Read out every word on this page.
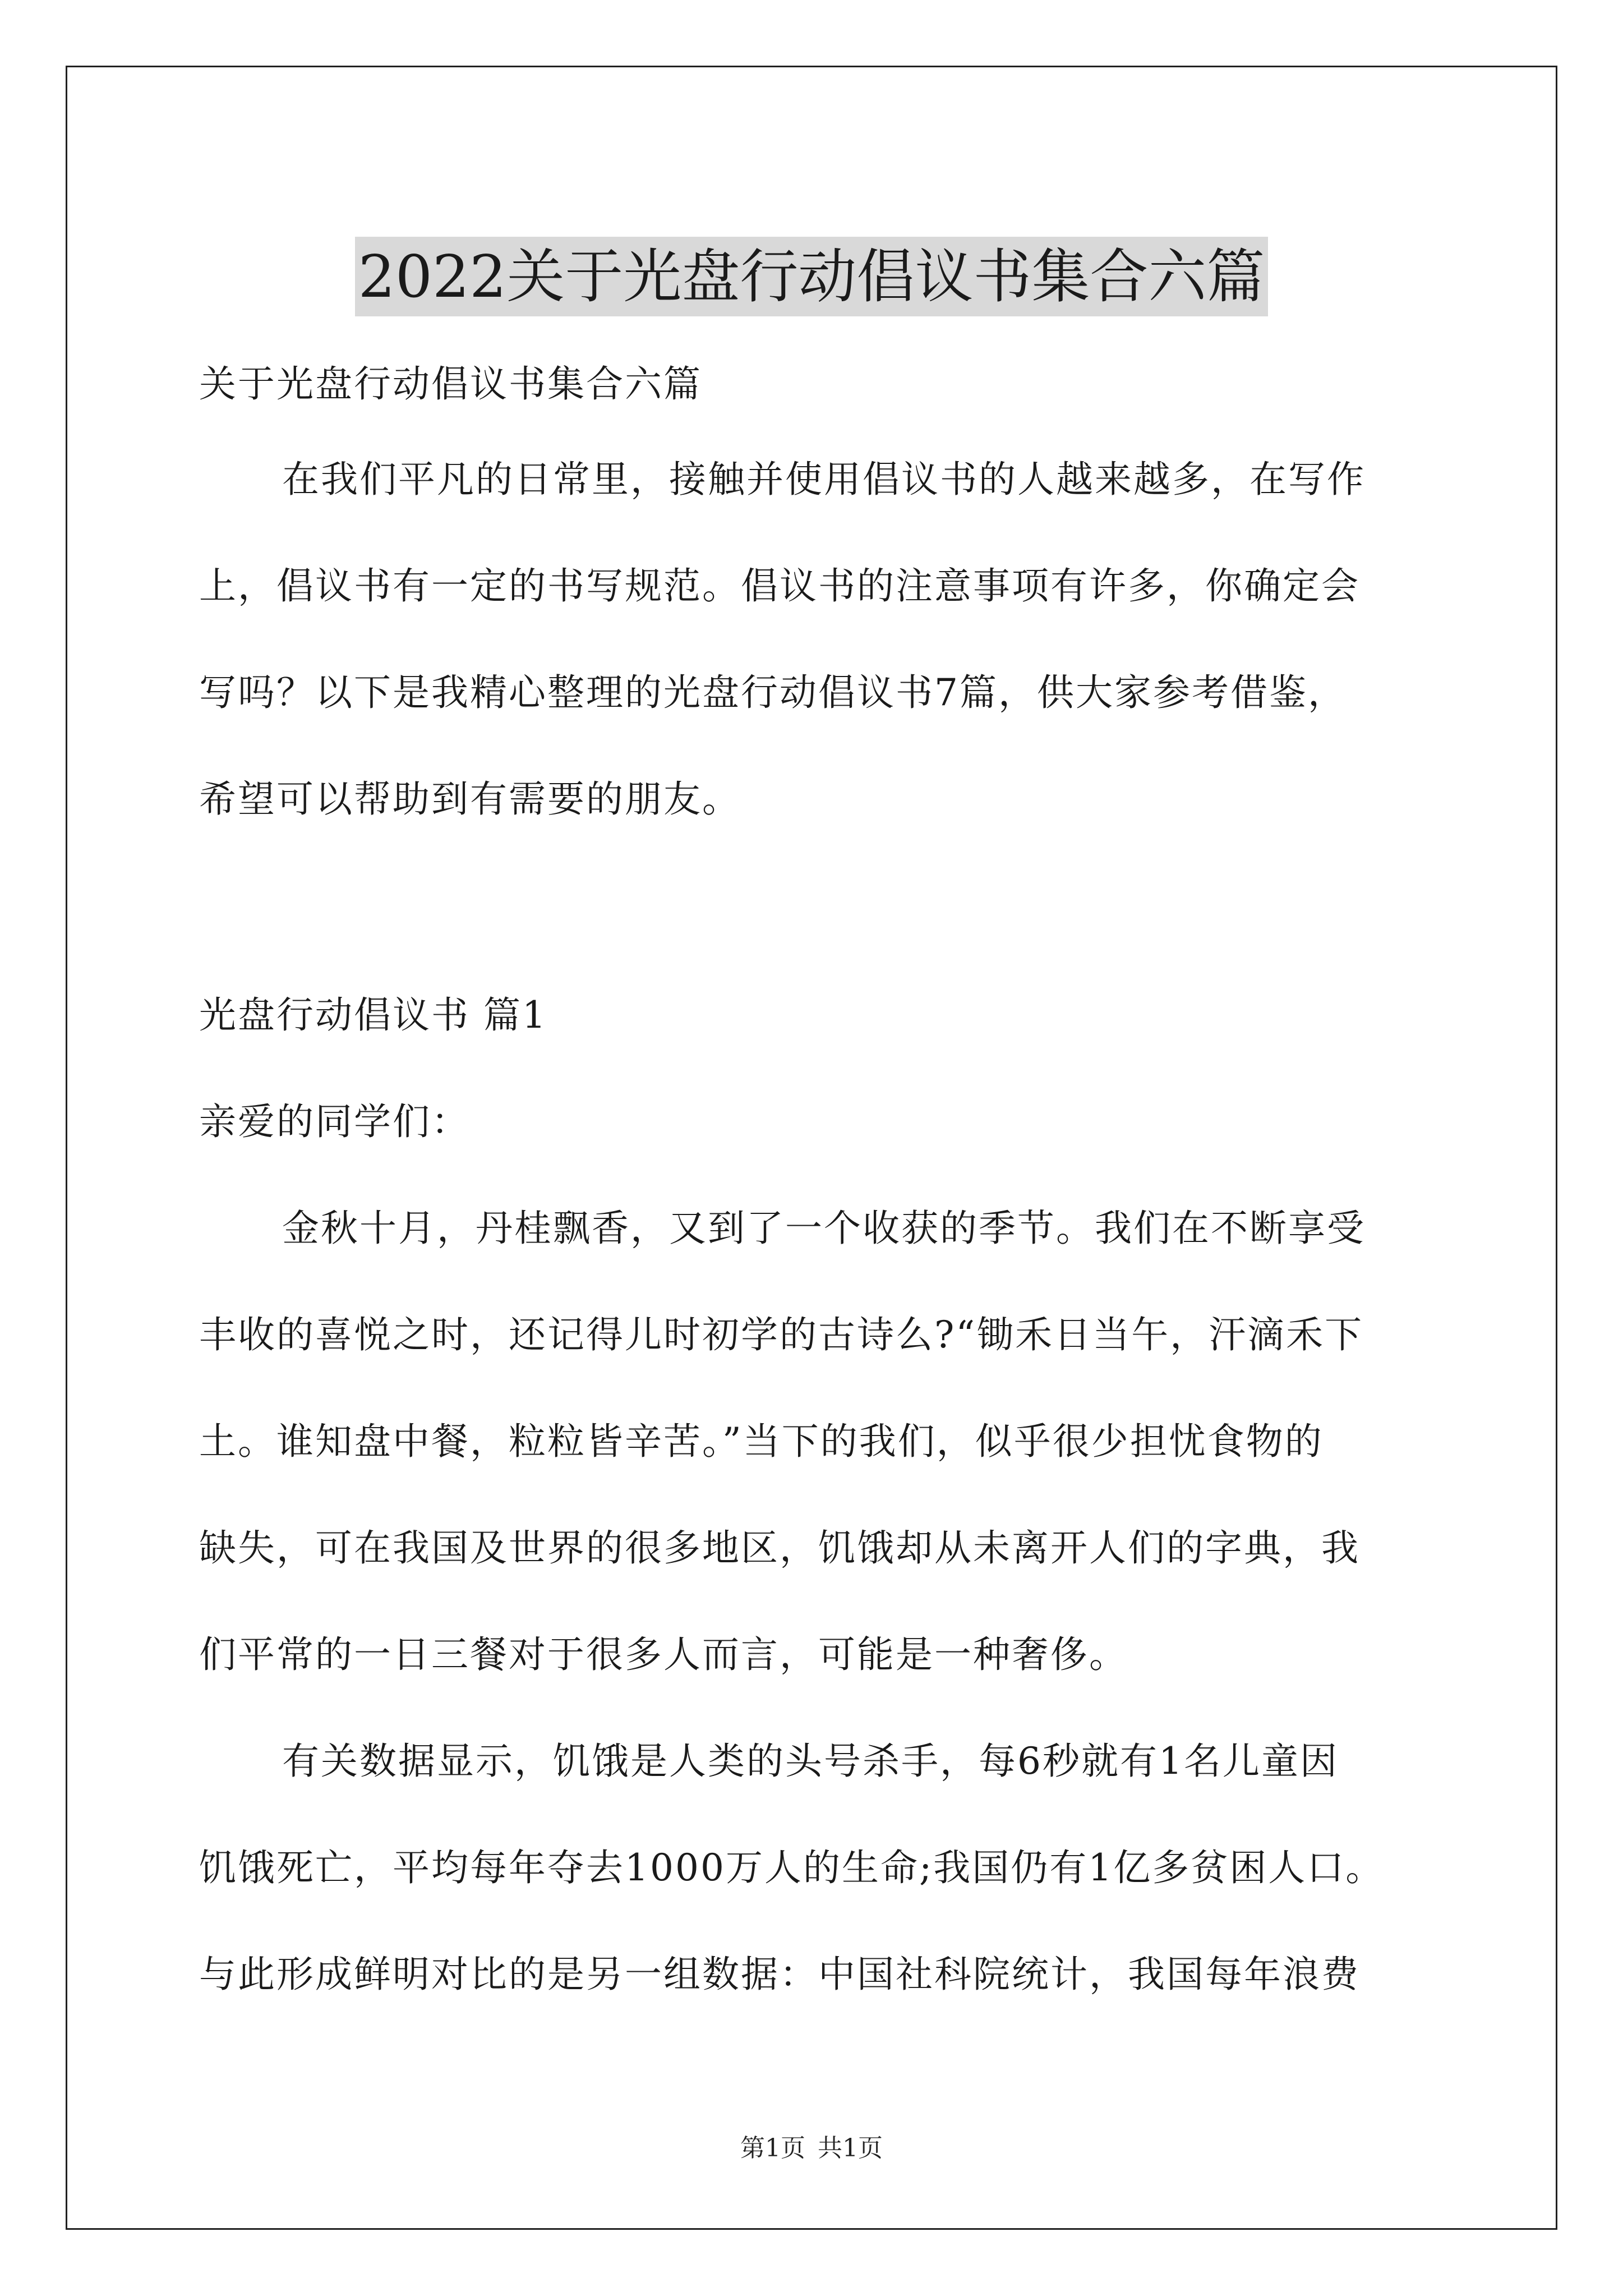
2022关于光盘行动倡议书集合六篇
关于光盘行动倡议书集合六篇
在我们平凡的日常里，接触并使用倡议书的人越来越多，在写作
上，倡议书有一定的书写规范。倡议书的注意事项有许多，你确定会
写吗？以下是我精心整理的光盘行动倡议书7篇，供大家参考借鉴，
希望可以帮助到有需要的朋友。
光盘行动倡议书 篇1
亲爱的同学们：
金秋十月，丹桂飘香，又到了一个收获的季节。我们在不断享受
丰收的喜悦之时，还记得儿时初学的古诗么?“锄禾日当午，汗滴禾下
土。谁知盘中餐，粒粒皆辛苦。”当下的我们，似乎很少担忧食物的
缺失，可在我国及世界的很多地区，饥饿却从未离开人们的字典，我
们平常的一日三餐对于很多人而言，可能是一种奢侈。
有关数据显示，饥饿是人类的头号杀手，每6秒就有1名儿童因
饥饿死亡，平均每年夺去1000万人的生命;我国仍有1亿多贫困人口。
与此形成鲜明对比的是另一组数据：中国社科院统计，我国每年浪费
第1页 共1页
